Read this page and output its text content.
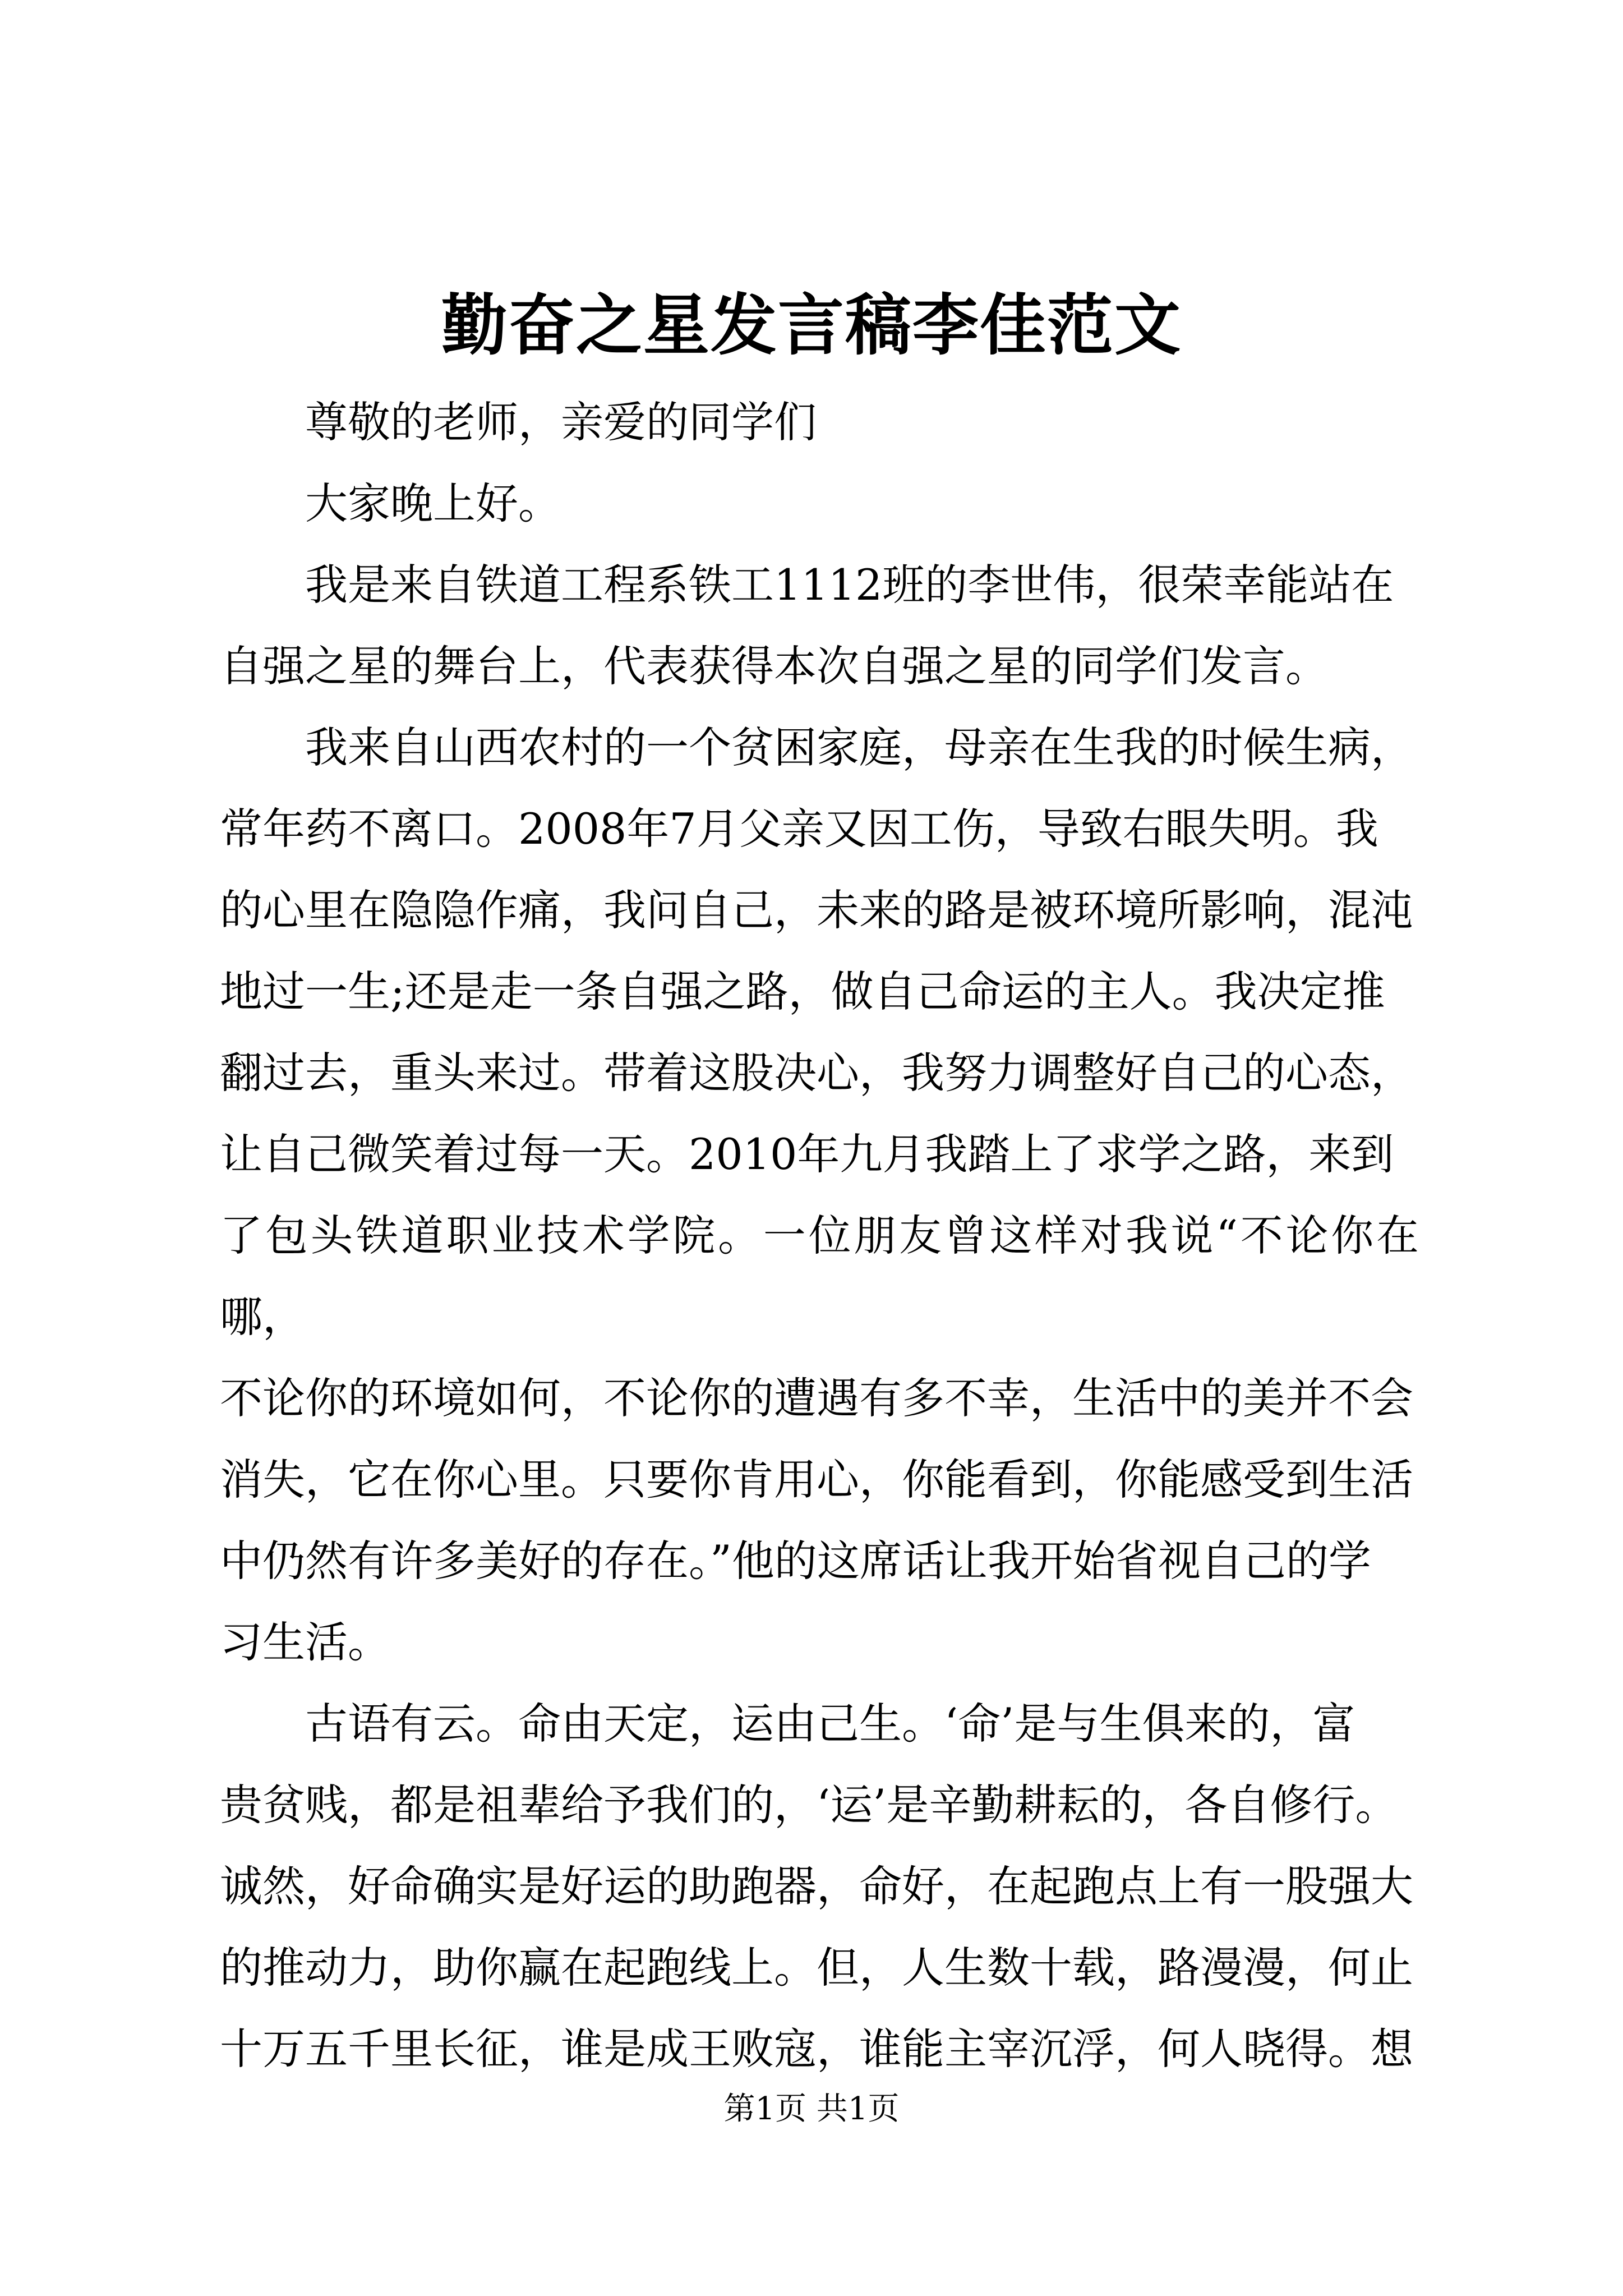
勤奋之星发言稿李佳范文

尊敬的老师，亲爱的同学们

大家晚上好。

我是来自铁道工程系铁工1112班的李世伟，很荣幸能站在
自强之星的舞台上，代表获得本次自强之星的同学们发言。

我来自山西农村的一个贫困家庭，母亲在生我的时候生病，
常年药不离口。2008年7月父亲又因工伤，导致右眼失明。我
的心里在隐隐作痛，我问自己，未来的路是被环境所影响，混沌
地过一生;还是走一条自强之路，做自己命运的主人。我决定推
翻过去，重头来过。带着这股决心，我努力调整好自己的心态，
让自己微笑着过每一天。2010年九月我踏上了求学之路，来到
了包头铁道职业技术学院。一位朋友曾这样对我说“不论你在哪，
不论你的环境如何，不论你的遭遇有多不幸，生活中的美并不会
消失，它在你心里。只要你肯用心，你能看到，你能感受到生活
中仍然有许多美好的存在。”他的这席话让我开始省视自己的学
习生活。

古语有云。命由天定，运由己生。‘命’是与生俱来的，富
贵贫贱，都是祖辈给予我们的，‘运’是辛勤耕耘的，各自修行。
诚然，好命确实是好运的助跑器，命好，在起跑点上有一股强大
的推动力，助你赢在起跑线上。但，人生数十载，路漫漫，何止
十万五千里长征，谁是成王败寇，谁能主宰沉浮，何人晓得。想

第1页 共1页
